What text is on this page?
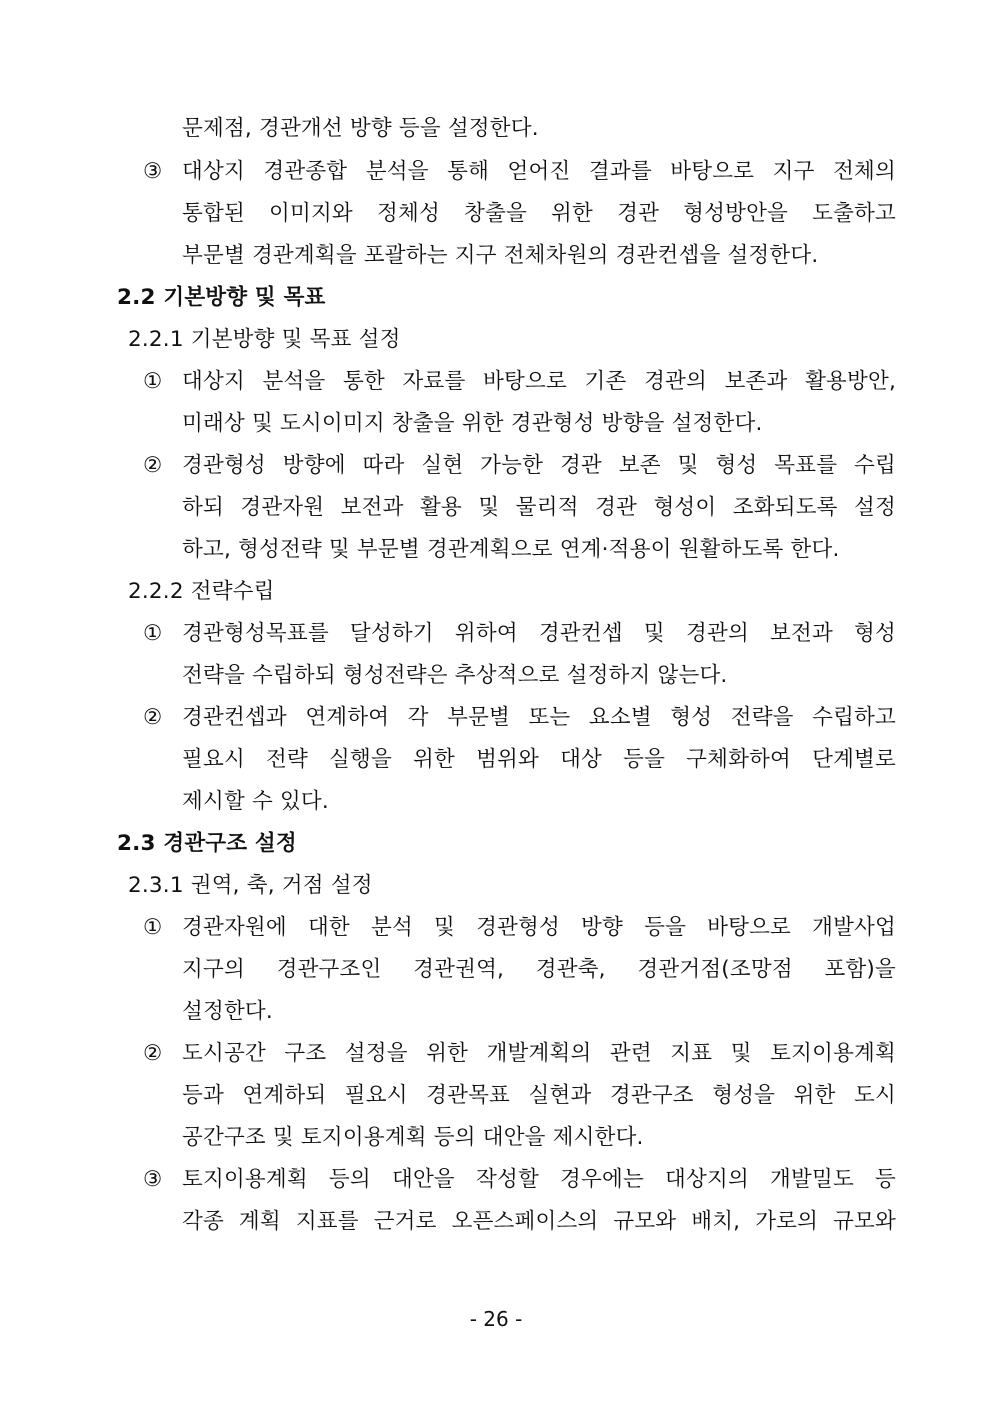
문제점, 경관개선 방향 등을 설정한다.
③ 대상지 경관종합 분석을 통해 얻어진 결과를 바탕으로 지구 전체의
통합된 이미지와 정체성 창출을 위한 경관 형성방안을 도출하고
부문별 경관계획을 포괄하는 지구 전체차원의 경관컨셉을 설정한다.
2.2 기본방향 및 목표
2.2.1 기본방향 및 목표 설정
① 대상지 분석을 통한 자료를 바탕으로 기존 경관의 보존과 활용방안,
미래상 및 도시이미지 창출을 위한 경관형성 방향을 설정한다.
② 경관형성 방향에 따라 실현 가능한 경관 보존 및 형성 목표를 수립
하되 경관자원 보전과 활용 및 물리적 경관 형성이 조화되도록 설정
하고, 형성전략 및 부문별 경관계획으로 연계·적용이 원활하도록 한다.
2.2.2 전략수립
① 경관형성목표를 달성하기 위하여 경관컨셉 및 경관의 보전과 형성
전략을 수립하되 형성전략은 추상적으로 설정하지 않는다.
② 경관컨셉과 연계하여 각 부문별 또는 요소별 형성 전략을 수립하고
필요시 전략 실행을 위한 범위와 대상 등을 구체화하여 단계별로
제시할 수 있다.
2.3 경관구조 설정
2.3.1 권역, 축, 거점 설정
① 경관자원에 대한 분석 및 경관형성 방향 등을 바탕으로 개발사업
지구의 경관구조인 경관권역, 경관축, 경관거점(조망점 포함)을
설정한다.
② 도시공간 구조 설정을 위한 개발계획의 관련 지표 및 토지이용계획
등과 연계하되 필요시 경관목표 실현과 경관구조 형성을 위한 도시
공간구조 및 토지이용계획 등의 대안을 제시한다.
③ 토지이용계획 등의 대안을 작성할 경우에는 대상지의 개발밀도 등
각종 계획 지표를 근거로 오픈스페이스의 규모와 배치, 가로의 규모와
- 26 -
